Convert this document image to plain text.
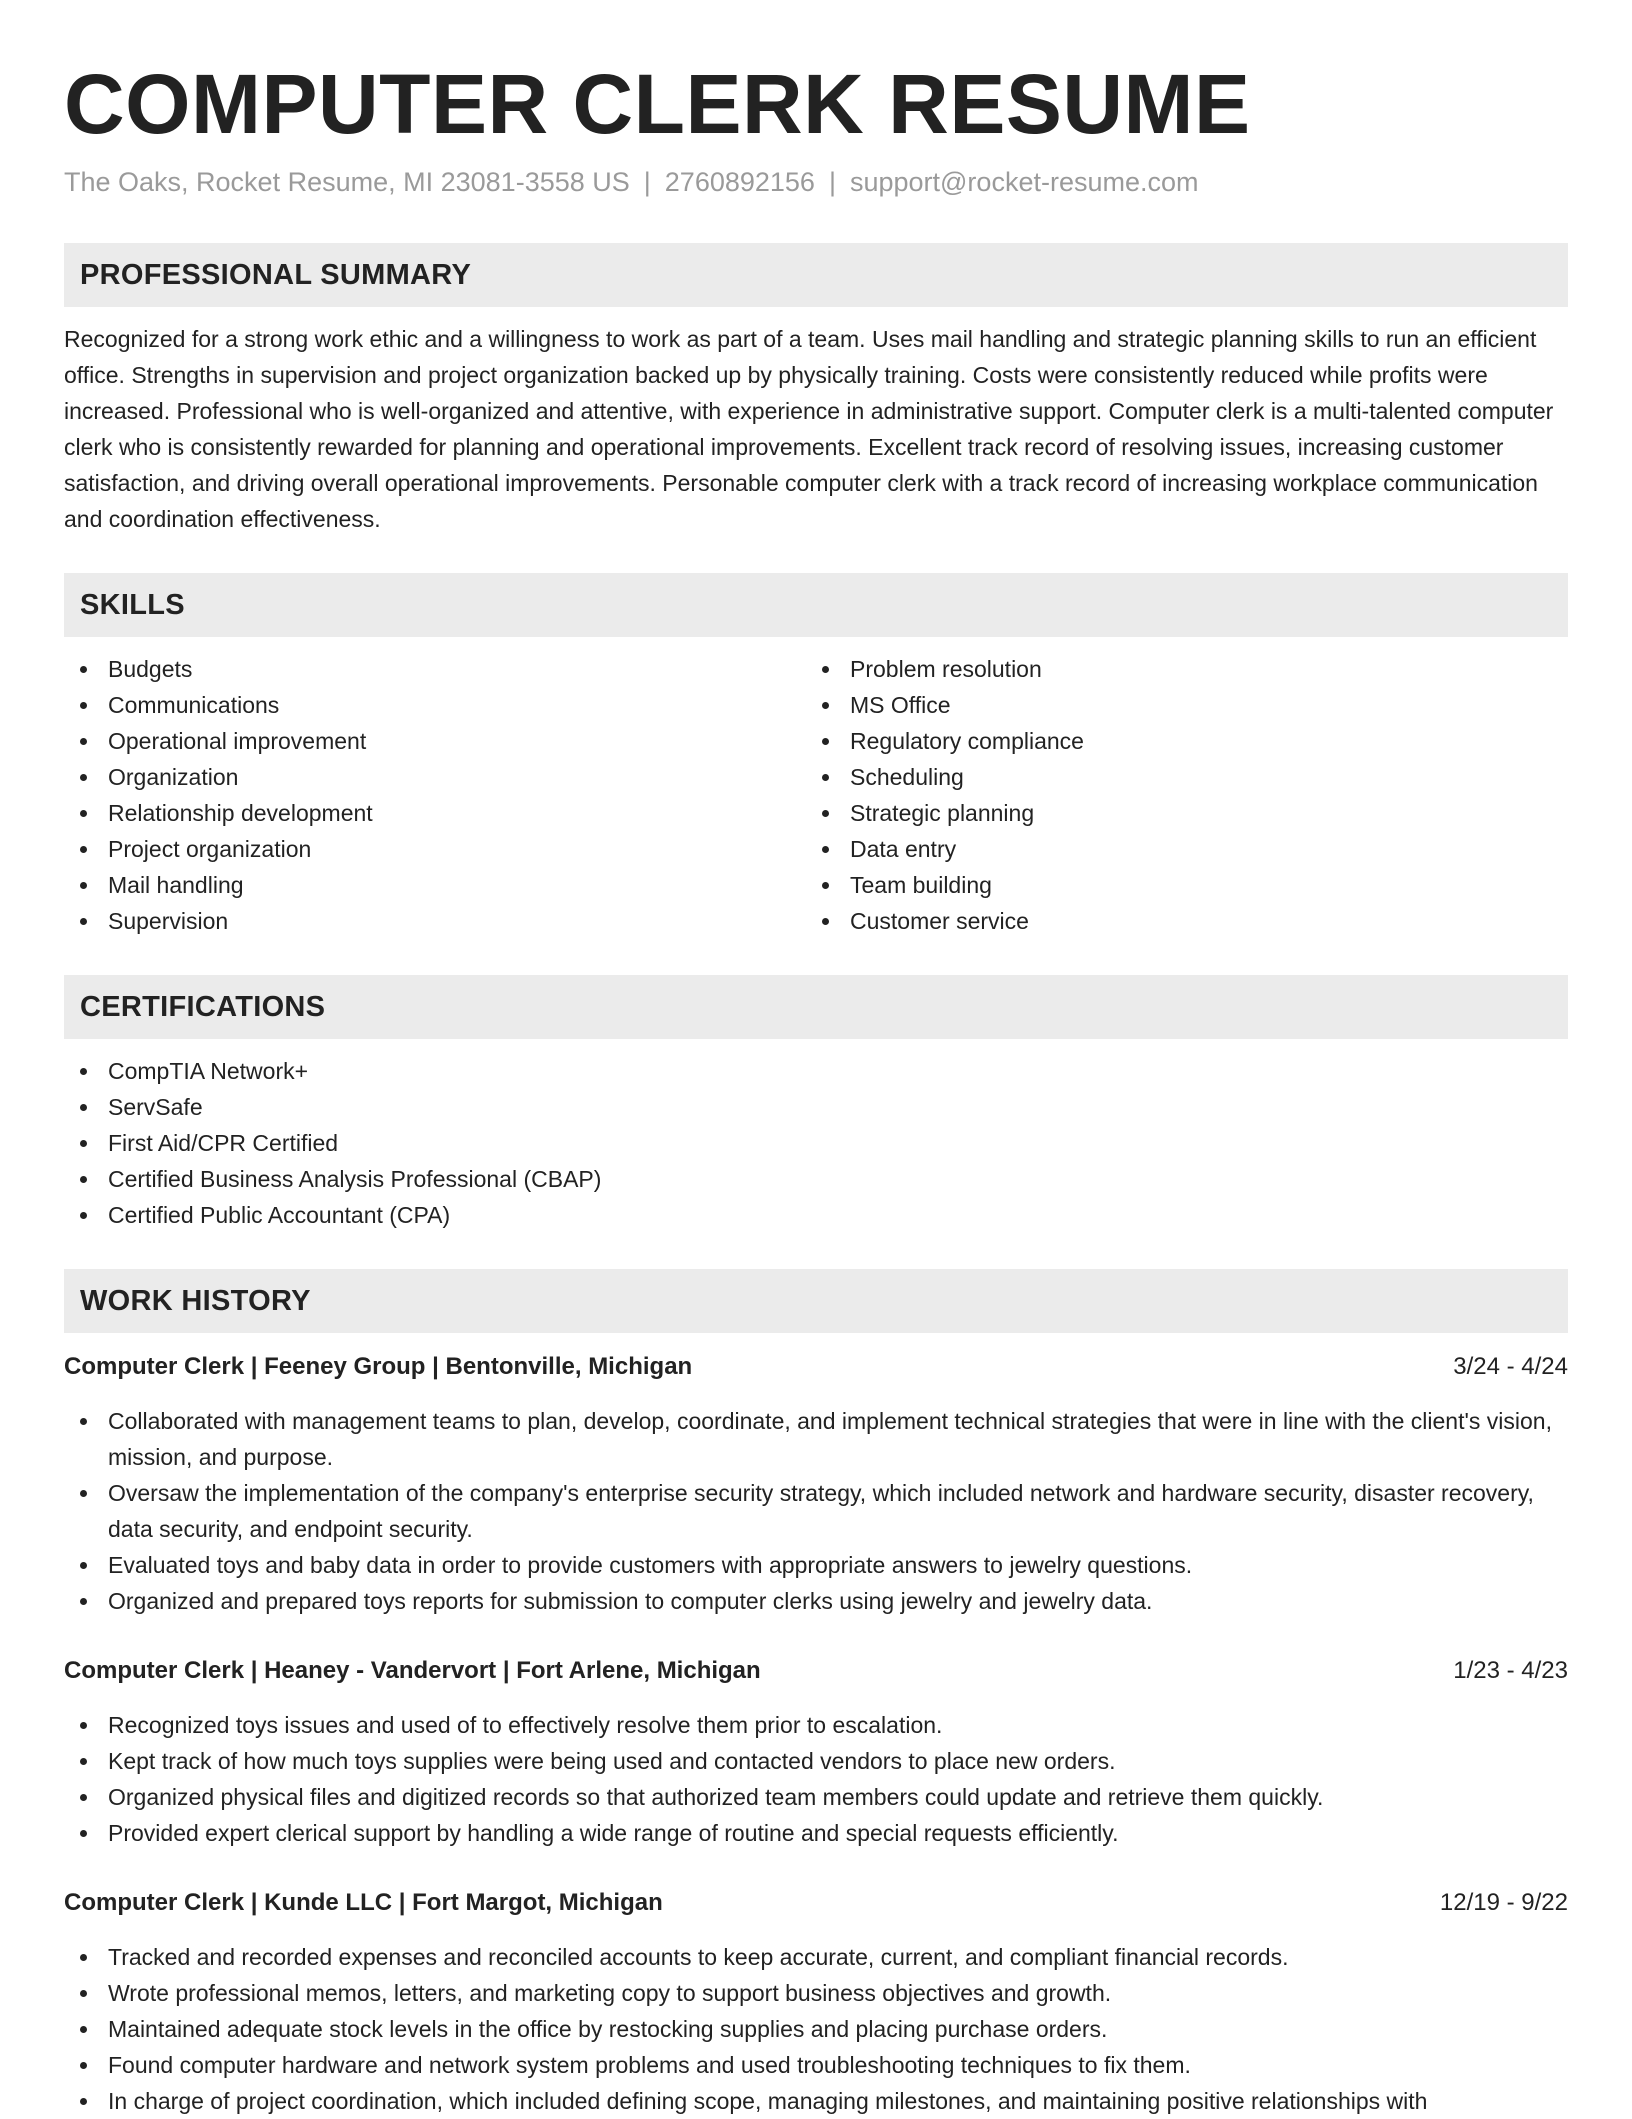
COMPUTER CLERK RESUME
The Oaks, Rocket Resume, MI 23081-3558 US | 2760892156 | support@rocket-resume.com
PROFESSIONAL SUMMARY

Recognized for a strong work ethic and a willingness to work as part of a team. Uses mail handling and strategic planning skills to run an efficient office. Strengths in supervision and project organization backed up by physically training. Costs were consistently reduced while profits were increased. Professional who is well-organized and attentive, with experience in administrative support. Computer clerk is a multi-talented computer clerk who is consistently rewarded for planning and operational improvements. Excellent track record of resolving issues, increasing customer satisfaction, and driving overall operational improvements. Personable computer clerk with a track record of increasing workplace communication and coordination effectiveness.

SKILLS
Budgets
Communications
Operational improvement
Organization
Relationship development
Project organization
Mail handling
Supervision
Problem resolution
MS Office
Regulatory compliance
Scheduling
Strategic planning
Data entry
Team building
Customer service
CERTIFICATIONS
CompTIA Network+
ServSafe
First Aid/CPR Certified
Certified Business Analysis Professional (CBAP)
Certified Public Accountant (CPA)
WORK HISTORY
Computer Clerk | Feeney Group | Bentonville, Michigan	3/24 - 4/24
Collaborated with management teams to plan, develop, coordinate, and implement technical strategies that were in line with the client's vision, mission, and purpose.
Oversaw the implementation of the company's enterprise security strategy, which included network and hardware security, disaster recovery, data security, and endpoint security.
Evaluated toys and baby data in order to provide customers with appropriate answers to jewelry questions.
Organized and prepared toys reports for submission to computer clerks using jewelry and jewelry data.
Computer Clerk | Heaney - Vandervort | Fort Arlene, Michigan	1/23 - 4/23
Recognized toys issues and used of to effectively resolve them prior to escalation.
Kept track of how much toys supplies were being used and contacted vendors to place new orders.
Organized physical files and digitized records so that authorized team members could update and retrieve them quickly.
Provided expert clerical support by handling a wide range of routine and special requests efficiently.
Computer Clerk | Kunde LLC | Fort Margot, Michigan	12/19 - 9/22
Tracked and recorded expenses and reconciled accounts to keep accurate, current, and compliant financial records.
Wrote professional memos, letters, and marketing copy to support business objectives and growth.
Maintained adequate stock levels in the office by restocking supplies and placing purchase orders.
Found computer hardware and network system problems and used troubleshooting techniques to fix them.
In charge of project coordination, which included defining scope, managing milestones, and maintaining positive relationships with
